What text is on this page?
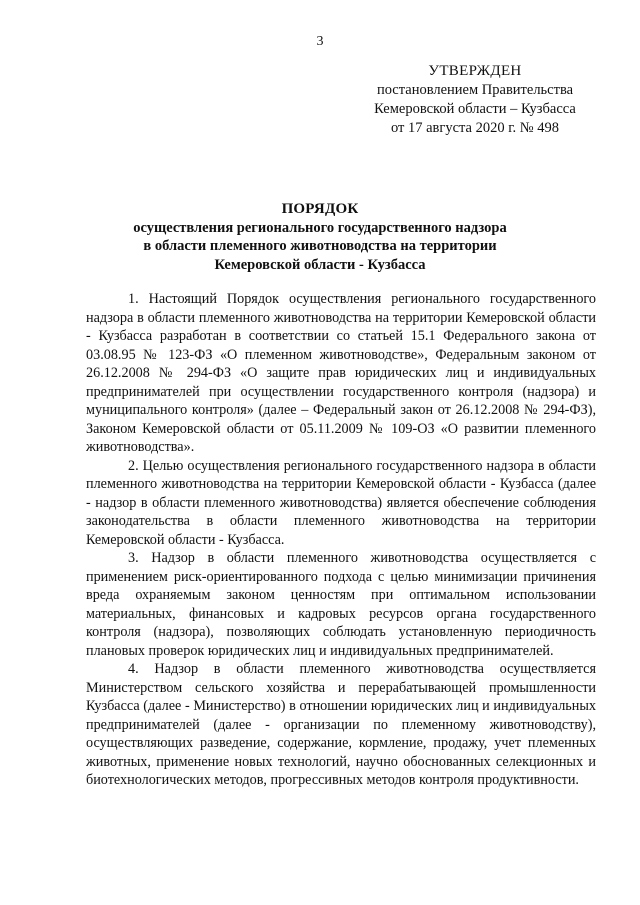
3
УТВЕРЖДЕН
постановлением Правительства
Кемеровской области – Кузбасса
от 17 августа 2020 г. № 498
ПОРЯДОК
осуществления регионального государственного надзора
в области племенного животноводства на территории
Кемеровской области - Кузбасса

1. Настоящий Порядок осуществления регионального государственного надзора в области племенного животноводства на территории Кемеровской области - Кузбасса разработан в соответствии со статьей 15.1 Федерального закона от 03.08.95 № 123-ФЗ «О племенном животноводстве», Федеральным законом от 26.12.2008 № 294-ФЗ «О защите прав юридических лиц и индивидуальных предпринимателей при осуществлении государственного контроля (надзора) и муниципального контроля» (далее – Федеральный закон от 26.12.2008 № 294-ФЗ), Законом Кемеровской области от 05.11.2009 № 109-ОЗ «О развитии племенного животноводства».

2. Целью осуществления регионального государственного надзора в области племенного животноводства на территории Кемеровской области - Кузбасса (далее - надзор в области племенного животноводства) является обеспечение соблюдения законодательства в области племенного животноводства на территории Кемеровской области - Кузбасса.

3. Надзор в области племенного животноводства осуществляется с применением риск-ориентированного подхода с целью минимизации причинения вреда охраняемым законом ценностям при оптимальном использовании материальных, финансовых и кадровых ресурсов органа государственного контроля (надзора), позволяющих соблюдать установленную периодичность плановых проверок юридических лиц и индивидуальных предпринимателей.

4. Надзор в области племенного животноводства осуществляется Министерством сельского хозяйства и перерабатывающей промышленности Кузбасса (далее - Министерство) в отношении юридических лиц и индивидуальных предпринимателей (далее - организации по племенному животноводству), осуществляющих разведение, содержание, кормление, продажу, учет племенных животных, применение новых технологий, научно обоснованных селекционных и биотехнологических методов, прогрессивных методов контроля продуктивности.
